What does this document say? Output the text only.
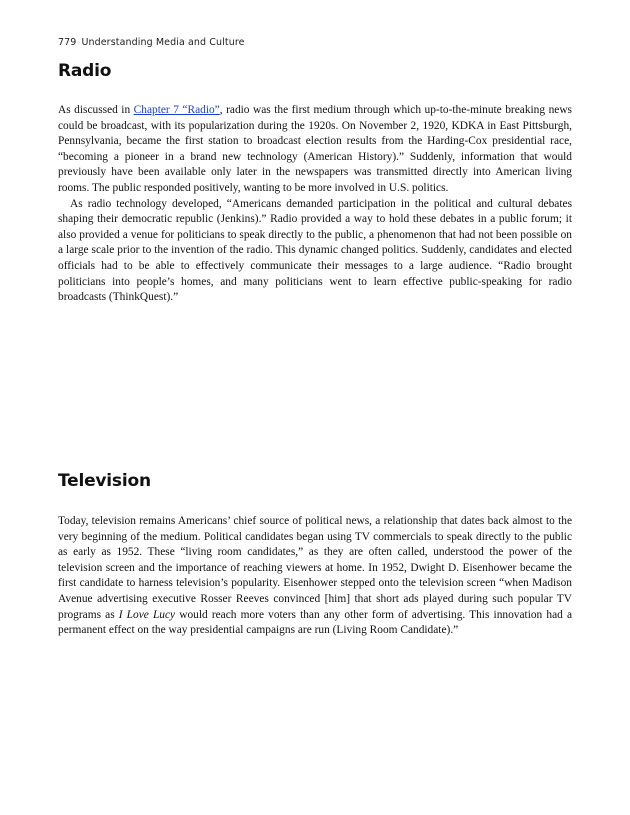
779 Understanding Media and Culture
Radio

As discussed in Chapter 7 “Radio”, radio was the first medium through which up-to-the-minute breaking news could be broadcast, with its popularization during the 1920s. On November 2, 1920, KDKA in East Pittsburgh, Pennsylvania, became the first station to broadcast election results from the Harding-Cox presidential race, “becoming a pioneer in a brand new technology (American History).” Suddenly, information that would previously have been available only later in the newspapers was transmitted directly into American living rooms. The public responded positively, wanting to be more involved in U.S. politics.

As radio technology developed, “Americans demanded participation in the political and cultural debates shaping their democratic republic (Jenkins).” Radio provided a way to hold these debates in a public forum; it also provided a venue for politicians to speak directly to the public, a phenomenon that had not been possible on a large scale prior to the invention of the radio. This dynamic changed politics. Suddenly, candidates and elected officials had to be able to effectively communicate their messages to a large audience. “Radio brought politicians into people’s homes, and many politicians went to learn effective public-speaking for radio broadcasts (ThinkQuest).”

Television

Today, television remains Americans’ chief source of political news, a relationship that dates back almost to the very beginning of the medium. Political candidates began using TV commercials to speak directly to the public as early as 1952. These “living room candidates,” as they are often called, understood the power of the television screen and the importance of reaching viewers at home. In 1952, Dwight D. Eisenhower became the first candidate to harness television’s popularity. Eisenhower stepped onto the television screen “when Madison Avenue advertising executive Rosser Reeves convinced [him] that short ads played during such popular TV programs as I Love Lucy would reach more voters than any other form of advertising. This innovation had a permanent effect on the way presidential campaigns are run (Living Room Candidate).”
